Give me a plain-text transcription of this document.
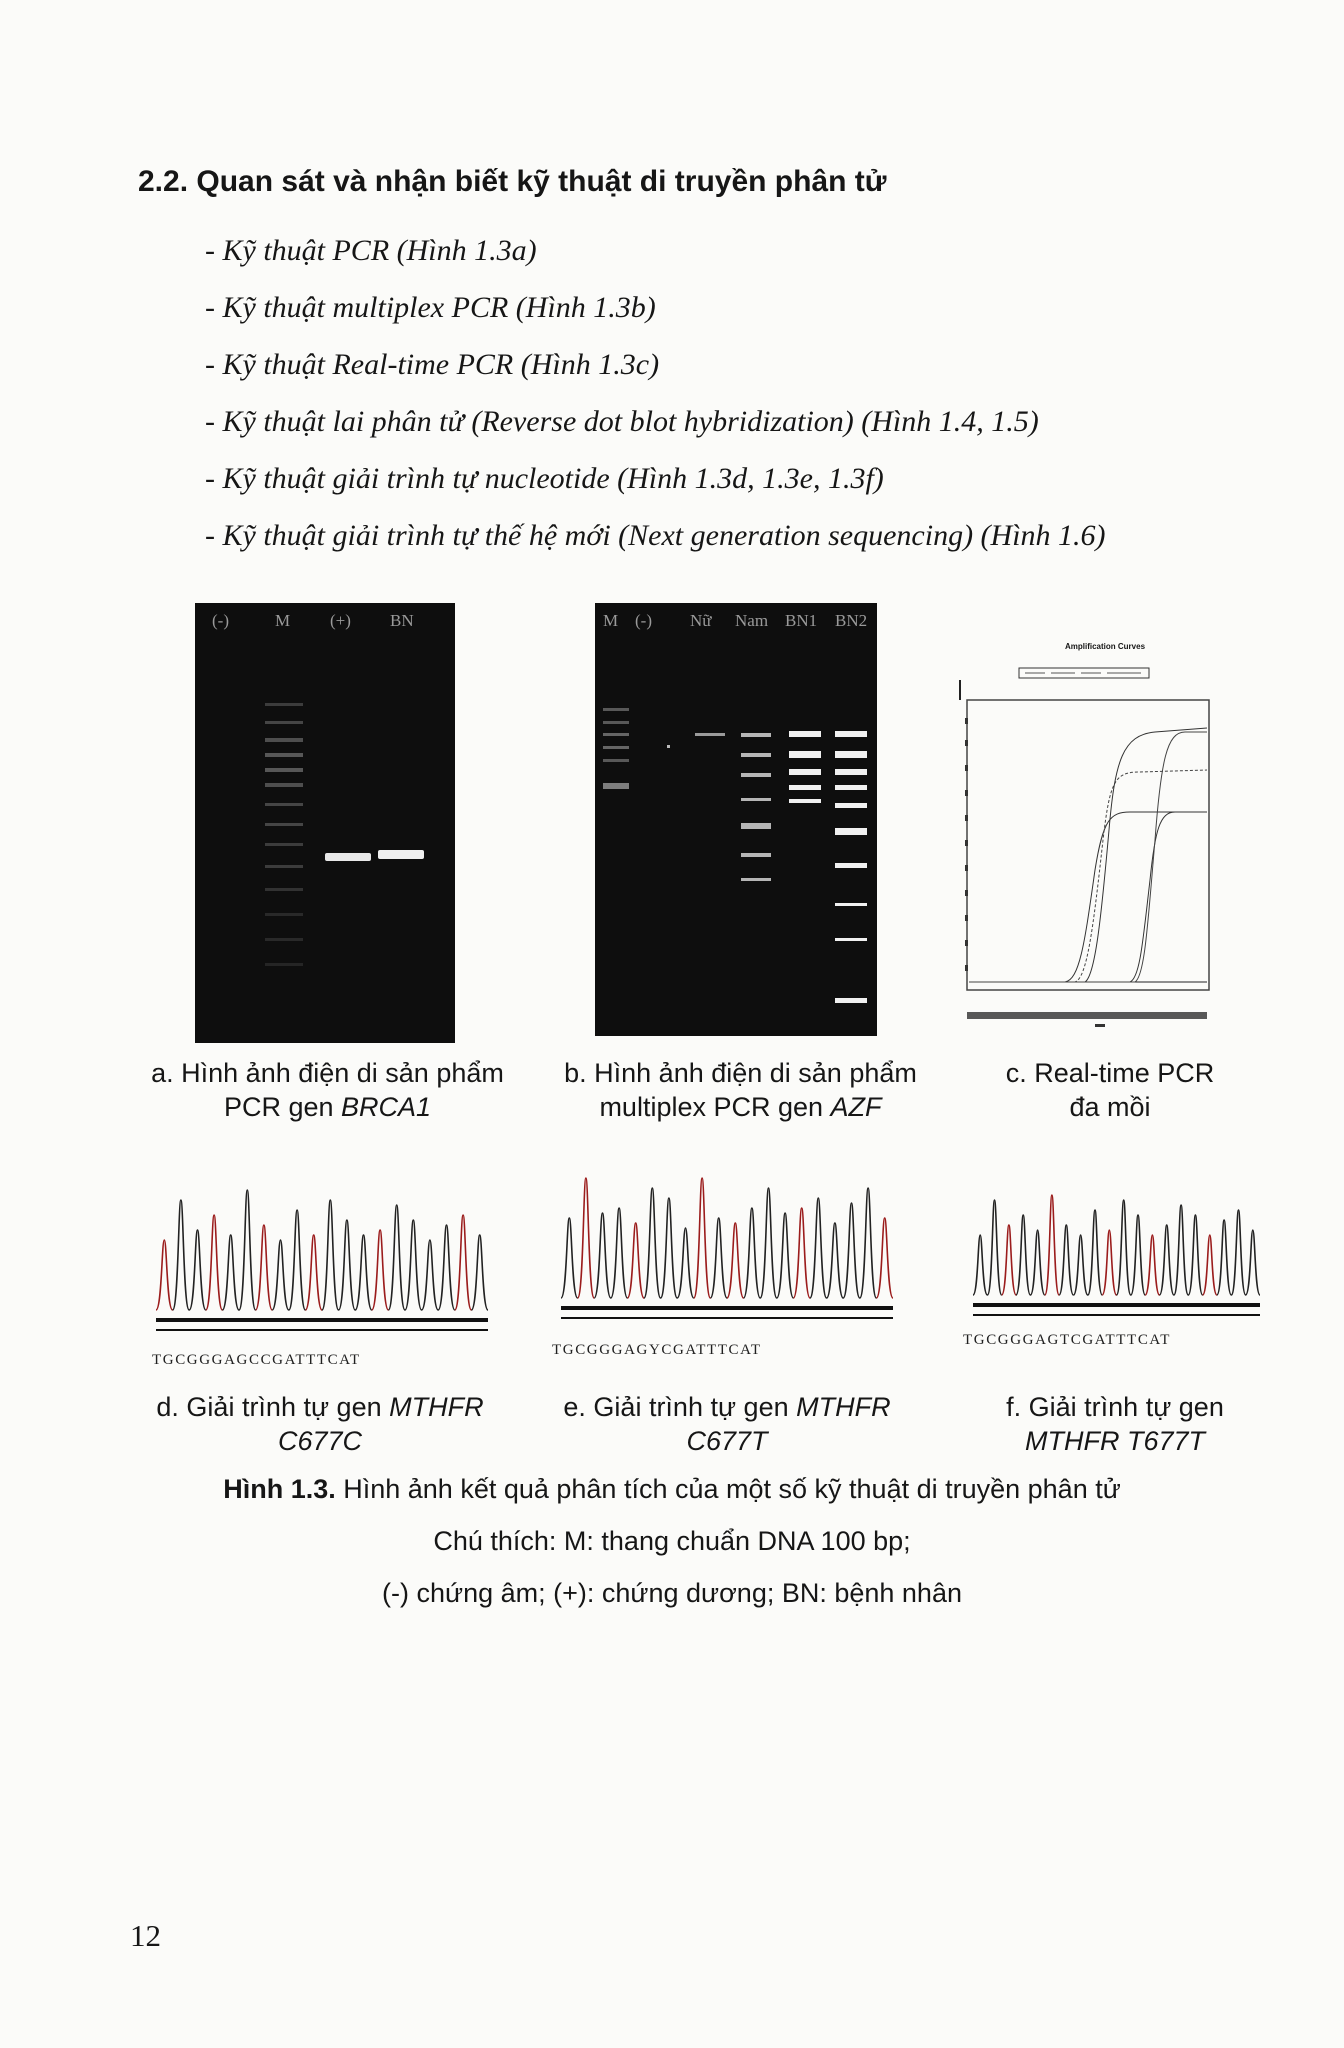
2.2. Quan sát và nhận biết kỹ thuật di truyền phân tử
- Kỹ thuật PCR (Hình 1.3a)
- Kỹ thuật multiplex PCR (Hình 1.3b)
- Kỹ thuật Real-time PCR (Hình 1.3c)
- Kỹ thuật lai phân tử (Reverse dot blot hybridization) (Hình 1.4, 1.5)
- Kỹ thuật giải trình tự nucleotide (Hình 1.3d, 1.3e, 1.3f)
- Kỹ thuật giải trình tự thế hệ mới (Next generation sequencing) (Hình 1.6)
(-)	M (+) BN	M (-) Nữ Nam BN1 BN2
Amplification Curves
a. Hình ảnh điện di sản phẩm
PCR gen BRCA1
b. Hình ảnh điện di sản phẩm
multiplex PCR gen AZF
c. Real-time PCR
đa mồi
TGCGGGAGCCGATTTCAT
TGCGGGAGYCGATTTCAT
TGCGGGAGTCGATTTCAT
d. Giải trình tự gen MTHFR
C677C
e. Giải trình tự gen MTHFR
C677T
f. Giải trình tự gen
MTHFR T677T
Hình 1.3. Hình ảnh kết quả phân tích của một số kỹ thuật di truyền phân tử
Chú thích: M: thang chuẩn DNA 100 bp;
(-) chứng âm; (+): chứng dương; BN: bệnh nhân
12
